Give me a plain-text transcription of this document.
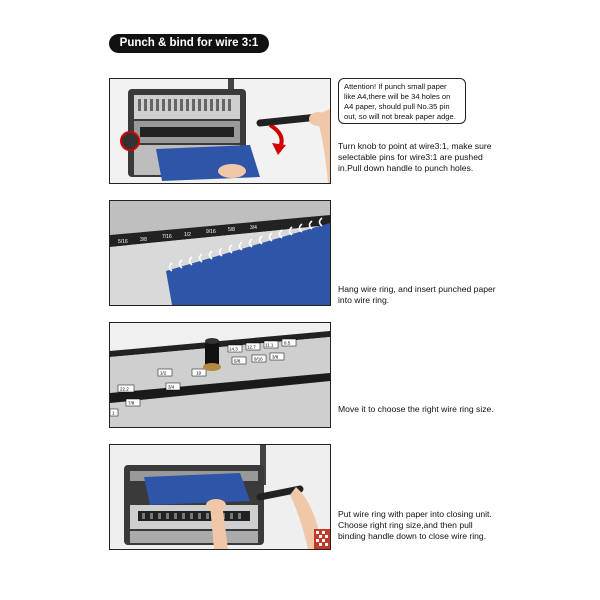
Punch & bind for wire 3:1
Attention! If punch small paper like A4,there will be 34 holes on A4 paper, should pull No.35 pin out, so will not break paper adge.
Turn knob to point at wire3:1, make sure selectable pins for wire3:1 are pushed in.Pull down handle to punch holes.
5/16 3/8	7/16 1/2	9/16 5/8	3/4
Hang wire ring, and insert punched paper into wire ring.
1/2
14.3 12.7 11.1 9.5
22.2
19
3/4
5/8	9/16
7/8
1
3/8
Move it to choose the right wire ring size.
Put wire ring with paper into closing unit. Choose right ring size,and then pull binding handle down to close wire ring.
